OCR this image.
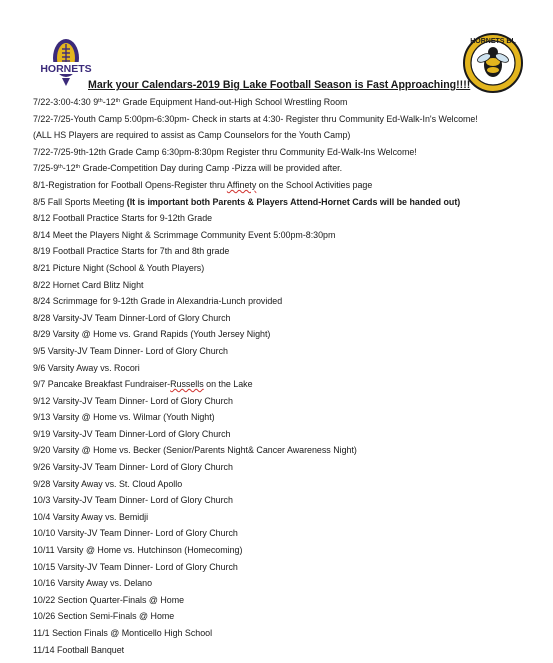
HORNETS
HORNETS BL
Mark your Calendars-2019 Big Lake Football Season is Fast Approaching!!!!
7/22-3:00-4:30 9th-12th Grade Equipment Hand-out-High School Wrestling Room
7/22-7/25-Youth Camp 5:00pm-6:30pm- Check in starts at 4:30- Register thru Community Ed-Walk-In's Welcome!
(ALL HS Players are required to assist as Camp Counselors for the Youth Camp)
7/22-7/25-9th-12th Grade Camp 6:30pm-8:30pm Register thru Community Ed-Walk-Ins Welcome!
7/25-9th-12th Grade-Competition Day during Camp -Pizza will be provided after.
8/1-Registration for Football Opens-Register thru Affinety on the School Activities page
8/5 Fall Sports Meeting (It is important both Parents & Players Attend-Hornet Cards will be handed out)
8/12 Football Practice Starts for 9-12th Grade
8/14 Meet the Players Night & Scrimmage Community Event 5:00pm-8:30pm
8/19 Football Practice Starts for 7th and 8th grade
8/21 Picture Night (School & Youth Players)
8/22 Hornet Card Blitz Night
8/24 Scrimmage for 9-12th Grade in Alexandria-Lunch provided
8/28 Varsity-JV Team Dinner-Lord of Glory Church
8/29 Varsity @ Home vs. Grand Rapids (Youth Jersey Night)
9/5 Varsity-JV Team Dinner- Lord of Glory Church
9/6 Varsity Away vs. Rocori
9/7 Pancake Breakfast Fundraiser-Russells on the Lake
9/12 Varsity-JV Team Dinner- Lord of Glory Church
9/13 Varsity @ Home vs. Wilmar (Youth Night)
9/19 Varsity-JV Team Dinner-Lord of Glory Church
9/20 Varsity @ Home vs. Becker (Senior/Parents Night& Cancer Awareness Night)
9/26 Varsity-JV Team Dinner- Lord of Glory Church
9/28 Varsity Away vs. St. Cloud Apollo
10/3 Varsity-JV Team Dinner- Lord of Glory Church
10/4 Varsity Away vs. Bemidji
10/10 Varsity-JV Team Dinner- Lord of Glory Church
10/11 Varsity @ Home vs. Hutchinson (Homecoming)
10/15 Varsity-JV Team Dinner- Lord of Glory Church
10/16 Varsity Away vs. Delano
10/22 Section Quarter-Finals @ Home
10/26 Section Semi-Finals @ Home
11/1 Section Finals @ Monticello High School
11/14 Football Banquet
